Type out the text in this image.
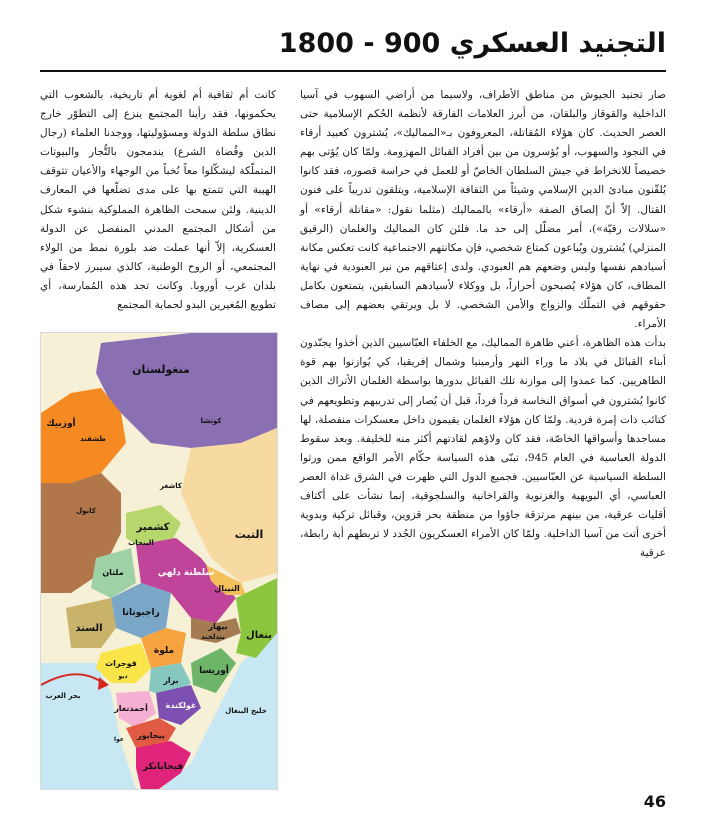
التجنيد العسكري 900 - 1800

صار تجنيد الجيوش من مناطق الأطراف، ولاسيما من أراضي السهوب في آسيا الداخلية والقوقاز والبلقان، من أبرز العلامات الفارقة لأنظمة الحُكم الإسلامية حتى العصر الحديث. كان هؤلاء المُقاتلة، المعروفون بـ«المماليك»، يُشترون كعبيد أرقاء في النجود والسهوب، أو يُؤسرون من بين أفراد القبائل المهزومة. ولمّا كان يُؤتى بهم خصيصاً للانخراط في جيش السلطان الخاصّ أو للعمل في حراسة قصوره، فقد كانوا يُلقّنون مبادئ الدين الإسلامي وشيئاً من الثقافة الإسلامية، ويتلقون تدريباً على فنون القتال. إلاّ أنّ إلصاق الصفة «أرقاء» بالمماليك (مثلما نقول: «مقاتلة أرقاء» أو «سلالات رقيّة»)، أمر مضلّل إلى حد ما. فلئن كان المماليك والغلمان (الرقيق المنزلي) يُشترون ويُباعون كمتاع شخصي، فإن مكانتهم الاجتماعية كانت تعكس مكانة أسيادهم نفسها وليس وضعهم هم العبودي. ولدى إعتاقهم من نير العبودية في نهاية المطاف، كان هؤلاء يُصبحون أحراراً، بل ووكلاء لأسيادهم السابقين، يتمتعون بكامل حقوقهم في التملّك والزواج والأمن الشخصي. لا بل ويرتقي بعضهم إلى مصاف الأمراء.

بدأت هذه الظاهرة، أعني ظاهرة المماليك، مع الخلفاء العبّاسيين الذين أخذوا يجنّدون أبناء القبائل في بلاد ما وراء النهر وأرمينيا وشمال إفريقيا، كي يُوازنوا بهم قوة الطاهريين. كما عمدوا إلى موازنة تلك القبائل بدورها بواسطة الغلمان الأتراك الذين كانوا يُشترون في أسواق النخاسة فرداً فرداً، قبل أن يُصار إلى تدريبهم وتطويعهم في كتائب ذات إمرة فردية. ولمّا كان هؤلاء الغلمان يقيمون داخل معسكرات منفصلة، لها مساجدها وأسواقها الخاصّة، فقد كان ولاؤهم لقادتهم أكثر منه للخليفة. وبعد سقوط الدولة العباسية في العام 945، تبنّى هذه السياسة حكّام الأمر الواقع ممن ورثوا السلطة السياسية عن العبّاسيين. فجميع الدول التي ظهرت في الشرق غداة العصر العباسي، أي البويهية والغزنوية والقراخانية والسلجوقية، إنما نشأت على أكتاف أقليات عرقية، من بينهم مرتزقة جاؤوا من منطقة بحر قزوين، وقبائل تركية وبدوية أخرى أتت من آسيا الداخلية. ولمّا كان الأمراء العسكريون الجُدد لا تربطهم أية رابطة، عرقية

كانت أم ثقافية أم لغوية أم تاريخية، بالشعوب التي يحكمونها، فقد رأينا المجتمع ينزع إلى التطوّر خارج نطاق سلطة الدولة ومسؤوليتها، ووجدنا العلماء (رجال الدين وقُضاة الشرع) يندمجون بالتُّجار والبيوتات المتملّكة ليشكّلوا معاً نُخباً من الوجهاء والأعيان تتوقف الهيبة التي تتمتع بها على مدى تضلّعها في المعارف الدينية. ولئن سمحت الظاهرة المملوكية بنشوء شكل من أشكال المجتمع المدني المنفصل عن الدولة العسكرية، إلاّ أنها عملت ضد بلورة نمط من الولاء المجتمعي، أو الروح الوطنية، كالذي سيبرز لاحقاً في بلدان غرب أوروبا. وكانت تجد هذه المُمارسة، أي تطويع المُغيرين البدو لحماية المجتمع

منغولستان
كوتشا
أوزبيك
طشقند
كاشغر
كابول
كشمير
البنجاب
التبت
ملتان	سلطنة دلهي
النيبال
راجبوتانا
بيهار
بندلخند
السند
ملوة
بنغال
قوجرات
ديو
بحر العرب
برار
أوريسا
أحمدنغار غولكندة
خليج البنغال
بيجابور
غوا
فيجايانكر
46
